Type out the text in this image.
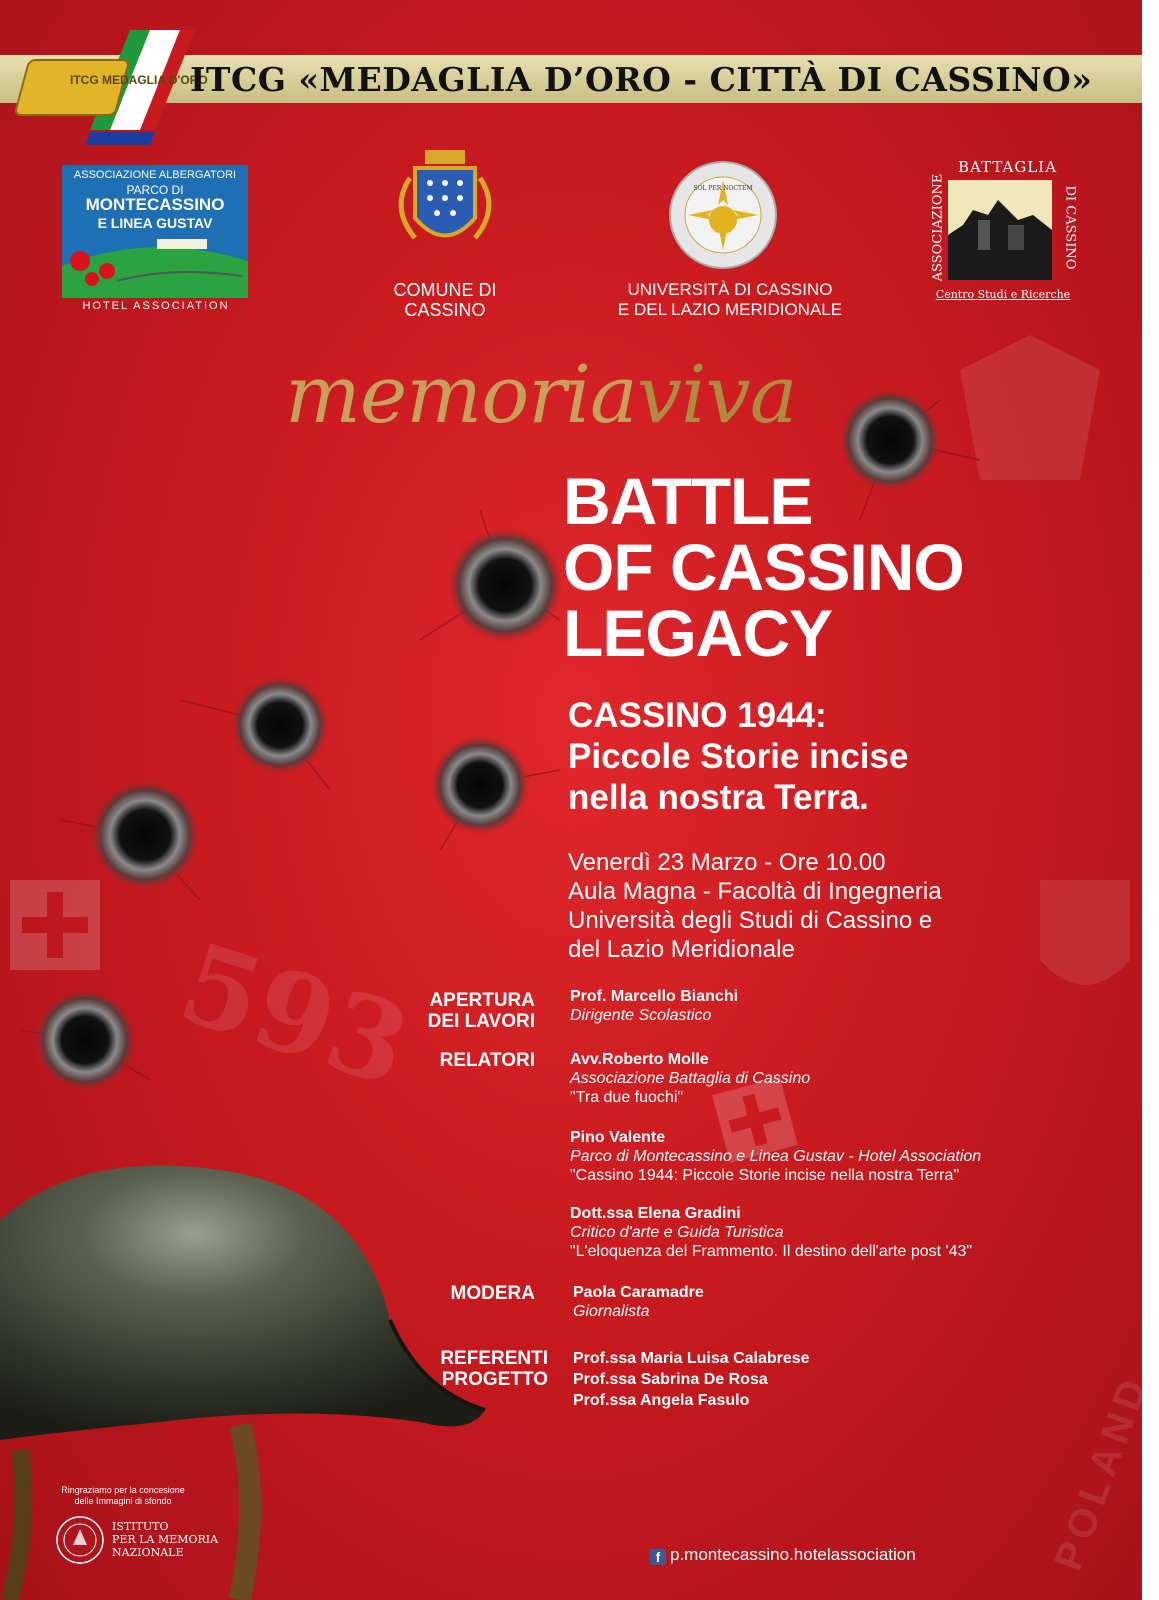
593
POLAND
ITCG MEDAGLIA D'ORO
ITCG «MEDAGLIA D’ORO - CITTÀ DI CASSINO»
ASSOCIAZIONE ALBERGATORI
PARCO DI
MONTECASSINO
E LINEA GUSTAV
HOTEL ASSOCIATION
COMUNE DI
CASSINO
SOL PER NOCTEM
UNIVERSITÀ DI CASSINO
E DEL LAZIO MERIDIONALE
BATTAGLIA
ASSOCIAZIONE	DI CASSINO
Centro Studi e Ricerche
memoriaviva
BATTLE
OF CASSINO
LEGACY
CASSINO 1944:
Piccole Storie incise
nella nostra Terra.
Venerdì 23 Marzo - Ore 10.00
Aula Magna - Facoltà di Ingegneria
Università degli Studi di Cassino e
del Lazio Meridionale
APERTURA
DEI LAVORI
Prof. Marcello Bianchi
Dirigente Scolastico
RELATORI Avv.Roberto Molle
Associazione Battaglia di Cassino
"Tra due fuochi"
Pino Valente
Parco di Montecassino e Linea Gustav - Hotel Association
"Cassino 1944: Piccole Storie incise nella nostra Terra"
Dott.ssa Elena Gradini
Critico d'arte e Guida Turistica
"L'eloquenza del Frammento. Il destino dell'arte post '43"
MODERA Paola Caramadre
Giornalista
REFERENTI
PROGETTO
Prof.ssa Maria Luisa Calabrese
Prof.ssa Sabrina De Rosa
Prof.ssa Angela Fasulo
Ringraziamo per la concesione
delle Immagini di sfondo
ISTITUTO
PER LA MEMORIA
NAZIONALE	f p.montecassino.hotelassociation
